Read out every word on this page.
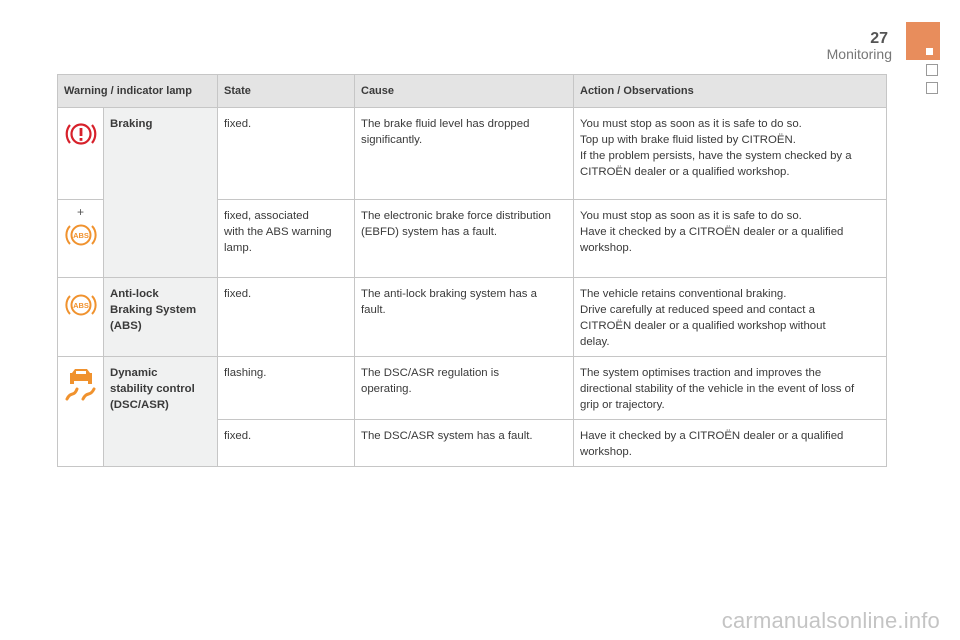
27
Monitoring
Warning / indicator lamp		State	Cause	Action / Observations

	Braking	fixed.	The brake fluid level has dropped
significantly.	You must stop as soon as it is safe to do so.
Top up with brake fluid listed by CITROËN.
If the problem persists, have the system checked by a
CITROËN dealer or a qualified workshop.

+
ABS		fixed, associated
with the ABS warning
lamp.	The electronic brake force distribution
(EBFD) system has a fault.	You must stop as soon as it is safe to do so.
Have it checked by a CITROËN dealer or a qualified
workshop.

ABS	Anti-lock
Braking System
(ABS)	fixed.	The anti-lock braking system has a
fault.	The vehicle retains conventional braking.
Drive carefully at reduced speed and contact a
CITROËN dealer or a qualified workshop without
delay.

Dynamic
stability control
(DSC/ASR)	flashing.	The DSC/ASR regulation is
operating.	The system optimises traction and improves the
directional stability of the vehicle in the event of loss of
grip or trajectory.

		fixed.	The DSC/ASR system has a fault.	Have it checked by a CITROËN dealer or a qualified
workshop.
carmanualsonline.info
